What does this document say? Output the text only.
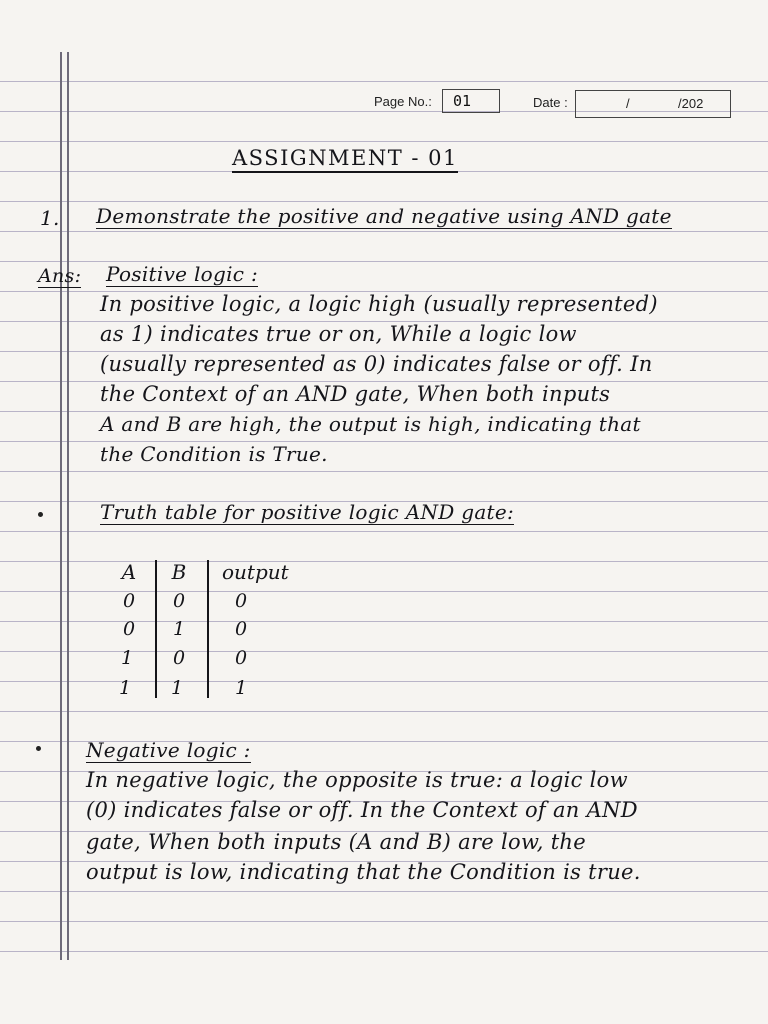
Page No.:	01	Date :	/	/202
ASSIGNMENT - 01
1. Demonstrate the positive and negative using AND gate
Ans: Positive logic :
In positive logic, a logic high (usually represented)
as 1) indicates true or on, While a logic low
(usually represented as 0) indicates false or off. In
the Context of an AND gate, When both inputs
A and B are high, the output is high, indicating that
the Condition is True.
Truth table for positive logic AND gate:
A	B	output
0	0	0
0	1	0
1	0	0
1	1	1
Negative logic :
In negative logic, the opposite is true: a logic low
(0) indicates false or off. In the Context of an AND
gate, When both inputs (A and B) are low, the
output is low, indicating that the Condition is true.
